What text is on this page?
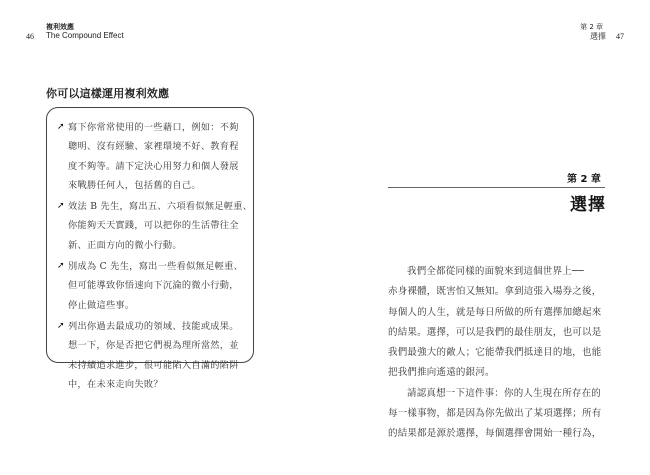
複利效應
46 The Compound Effect
你可以這樣運用複利效應
➚ 寫下你常常使用的一些藉口，例如：不夠
聰明、沒有經驗、家裡環境不好、教育程
度不夠等。請下定決心用努力和個人發展
來戰勝任何人，包括舊的自己。
➚ 效法 B 先生，寫出五、六項看似無足輕重、
你能夠天天實踐，可以把你的生活帶往全
新、正面方向的微小行動。
➚ 別成為 C 先生，寫出一些看似無足輕重、
但可能導致你悟速向下沉淪的微小行動，
停止做這些事。
➚ 列出你過去最成功的領域、技能或成果。
想一下，你是否把它們視為理所當然，並
未持續追求進步，很可能陷入自滿的陷阱
中，在未來走向失敗？
第 2 章
選擇 47
第 2 章
選擇
我們全都從同樣的面貌來到這個世界上──
赤身裸體，既害怕又無知。拿到這張入場券之後，
每個人的人生，就是每日所做的所有選擇加總起來
的結果。選擇，可以是我們的最佳朋友，也可以是
我們最強大的敵人；它能帶我們抵達目的地，也能
把我們推向遙遠的銀河。
請認真想一下這件事：你的人生現在所存在的
每一樣事物，都是因為你先做出了某項選擇；所有
的結果都是源於選擇，每個選擇會開始一種行為，
